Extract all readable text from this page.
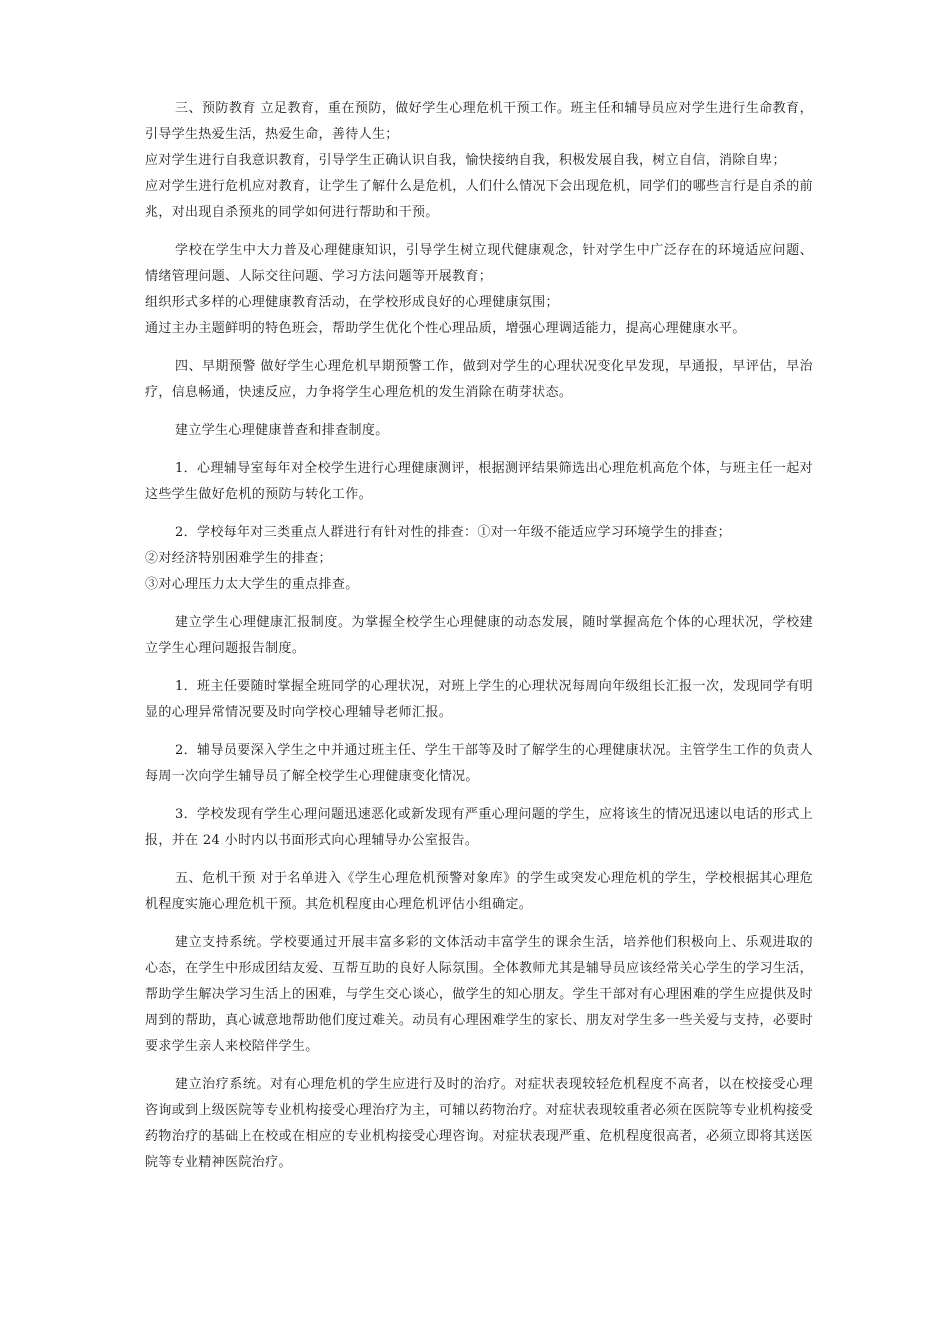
三、预防教育 立足教育，重在预防，做好学生心理危机干预工作。班主任和辅导员应对学生进行生命教育，引导学生热爱生活，热爱生命，善待人生；

应对学生进行自我意识教育，引导学生正确认识自我，愉快接纳自我，积极发展自我，树立自信，消除自卑；

应对学生进行危机应对教育，让学生了解什么是危机，人们什么情况下会出现危机，同学们的哪些言行是自杀的前兆，对出现自杀预兆的同学如何进行帮助和干预。

学校在学生中大力普及心理健康知识，引导学生树立现代健康观念，针对学生中广泛存在的环境适应问题、情绪管理问题、人际交往问题、学习方法问题等开展教育；

组织形式多样的心理健康教育活动，在学校形成良好的心理健康氛围；

通过主办主题鲜明的特色班会，帮助学生优化个性心理品质，增强心理调适能力，提高心理健康水平。

四、早期预警 做好学生心理危机早期预警工作，做到对学生的心理状况变化早发现，早通报，早评估，早治疗，信息畅通，快速反应，力争将学生心理危机的发生消除在萌芽状态。

建立学生心理健康普查和排查制度。

1．心理辅导室每年对全校学生进行心理健康测评，根据测评结果筛选出心理危机高危个体，与班主任一起对这些学生做好危机的预防与转化工作。

2．学校每年对三类重点人群进行有针对性的排查：①对一年级不能适应学习环境学生的排查；

②对经济特别困难学生的排查；

③对心理压力太大学生的重点排查。

建立学生心理健康汇报制度。为掌握全校学生心理健康的动态发展，随时掌握高危个体的心理状况，学校建立学生心理问题报告制度。

1．班主任要随时掌握全班同学的心理状况，对班上学生的心理状况每周向年级组长汇报一次，发现同学有明显的心理异常情况要及时向学校心理辅导老师汇报。

2．辅导员要深入学生之中并通过班主任、学生干部等及时了解学生的心理健康状况。主管学生工作的负责人每周一次向学生辅导员了解全校学生心理健康变化情况。

3．学校发现有学生心理问题迅速恶化或新发现有严重心理问题的学生，应将该生的情况迅速以电话的形式上报，并在 24 小时内以书面形式向心理辅导办公室报告。

五、危机干预 对于名单进入《学生心理危机预警对象库》的学生或突发心理危机的学生，学校根据其心理危机程度实施心理危机干预。其危机程度由心理危机评估小组确定。

建立支持系统。学校要通过开展丰富多彩的文体活动丰富学生的课余生活，培养他们积极向上、乐观进取的心态，在学生中形成团结友爱、互帮互助的良好人际氛围。全体教师尤其是辅导员应该经常关心学生的学习生活，帮助学生解决学习生活上的困难，与学生交心谈心，做学生的知心朋友。学生干部对有心理困难的学生应提供及时周到的帮助，真心诚意地帮助他们度过难关。动员有心理困难学生的家长、朋友对学生多一些关爱与支持，必要时要求学生亲人来校陪伴学生。

建立治疗系统。对有心理危机的学生应进行及时的治疗。对症状表现较轻危机程度不高者，以在校接受心理咨询或到上级医院等专业机构接受心理治疗为主，可辅以药物治疗。对症状表现较重者必须在医院等专业机构接受药物治疗的基础上在校或在相应的专业机构接受心理咨询。对症状表现严重、危机程度很高者，必须立即将其送医院等专业精神医院治疗。
